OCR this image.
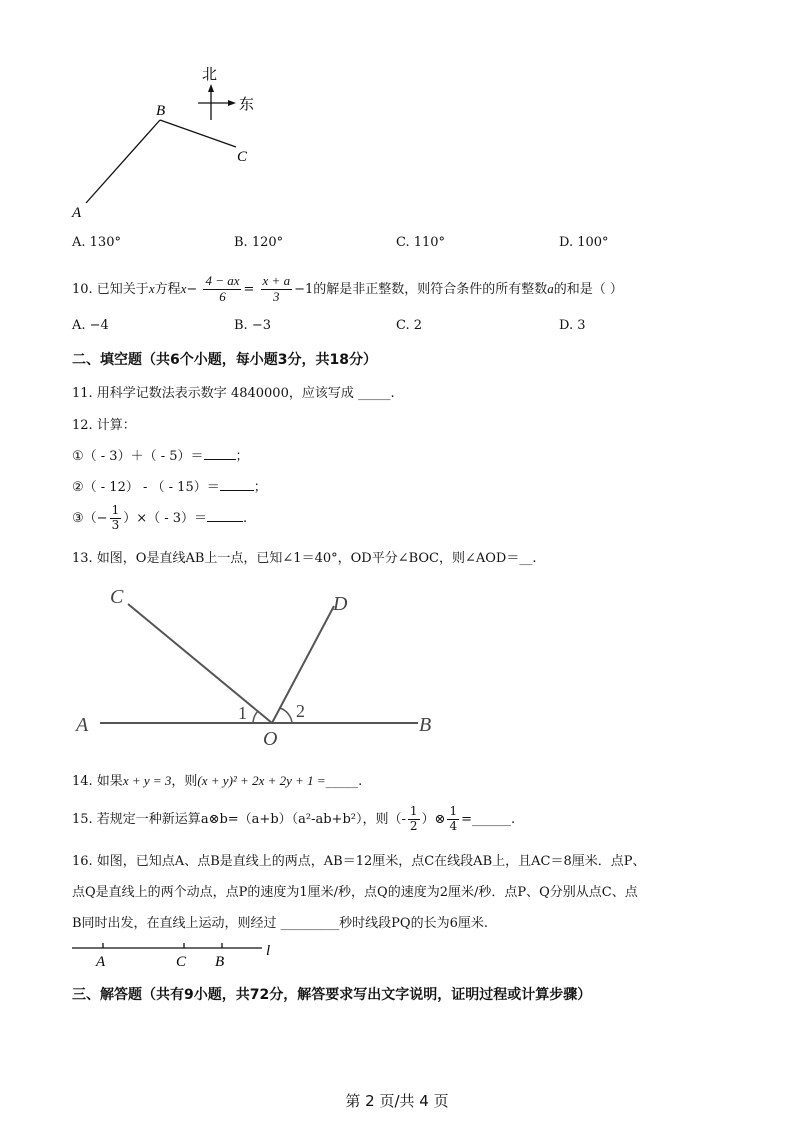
北
东
B
C
A
A. 130°	B. 120°	C. 110°	D. 100°
10. 已知关于x方程$x- \frac{4 - ax}{6} = \frac{x + a}{3} -1$的解是非正整数，则符合条件的所有整数a的和是（ ）
A. −4	B. −3	C. 2	D. 3
二、填空题（共6个小题，每小题3分，共18分）
11. 用科学记数法表示数字 4840000，应该写成 _____.
12. 计算：
①（ - 3）＋（ - 5）＝ ；
②（ - 12） - （ - 15）＝	；
③（− $\frac{1}{3}$ ）×（ - 3）＝	.
13. 如图，O是直线AB上一点，已知∠1＝40°，OD平分∠BOC，则∠AOD＝__.
C	D
A	B
O
1	2
14. 如果x + y = 3，则(x + y)² + 2x + 2y + 1 =_____.
15. 若规定一种新运算a⊗b=（a+b）（a²-ab+b²），则（- $\frac{1}{2}$ ）⊗ $\frac{1}{4}$ =______.
16. 如图，已知点A、点B是直线上的两点，AB＝12厘米，点C在线段AB上，且AC＝8厘米．点P、
点Q是直线上的两个动点，点P的速度为1厘米/秒，点Q的速度为2厘米/秒．点P、Q分别从点C、点
B同时出发，在直线上运动，则经过 _________秒时线段PQ的长为6厘米.
A	C B
l
三、解答题（共有9小题，共72分，解答要求写出文字说明，证明过程或计算步骤）
第 2 页/共 4 页
